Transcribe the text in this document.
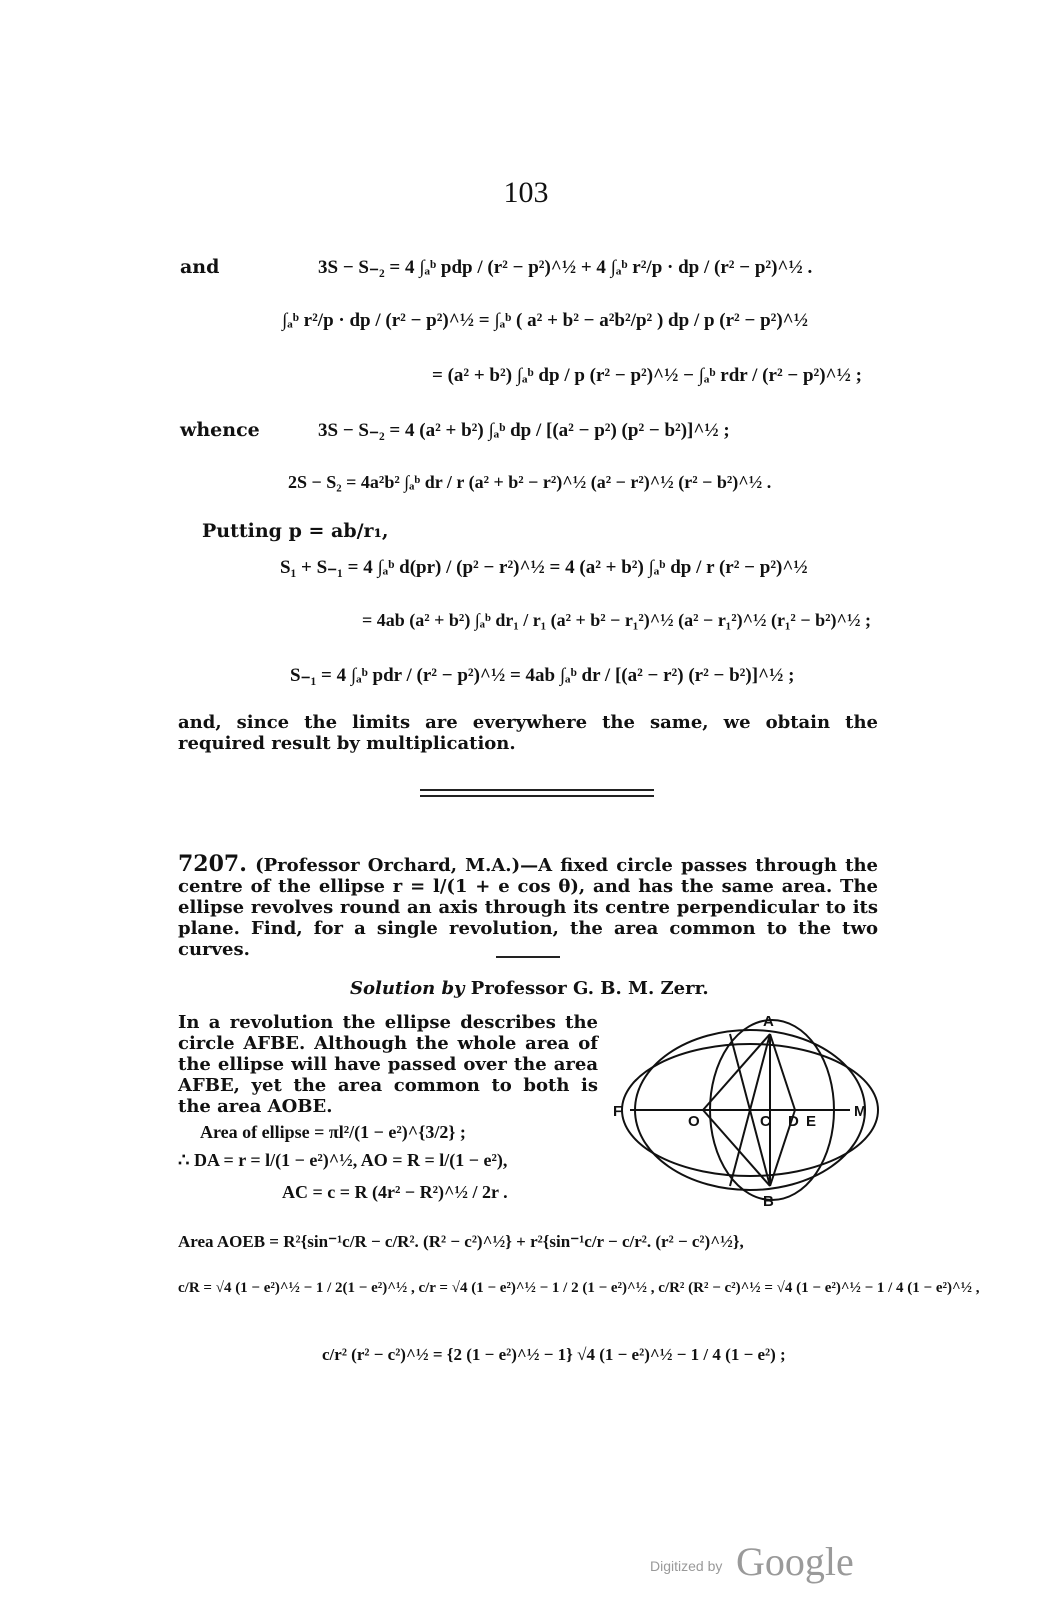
103
and	3S − S₋₂ = 4 ∫ₐᵇ pdp / (r² − p²)^½ + 4 ∫ₐᵇ r²/p · dp / (r² − p²)^½ .
∫ₐᵇ r²/p · dp / (r² − p²)^½ = ∫ₐᵇ ( a² + b² − a²b²/p² ) dp / p (r² − p²)^½
= (a² + b²) ∫ₐᵇ dp / p (r² − p²)^½ − ∫ₐᵇ rdr / (r² − p²)^½ ;
whence	3S − S₋₂ = 4 (a² + b²) ∫ₐᵇ dp / [(a² − p²) (p² − b²)]^½ ;
2S − S₂ = 4a²b² ∫ₐᵇ dr / r (a² + b² − r²)^½ (a² − r²)^½ (r² − b²)^½ .
Putting p = ab/r₁,
S₁ + S₋₁ = 4 ∫ₐᵇ d(pr) / (p² − r²)^½ = 4 (a² + b²) ∫ₐᵇ dp / r (r² − p²)^½
= 4ab (a² + b²) ∫ₐᵇ dr₁ / r₁ (a² + b² − r₁²)^½ (a² − r₁²)^½ (r₁² − b²)^½ ;
S₋₁ = 4 ∫ₐᵇ pdr / (r² − p²)^½ = 4ab ∫ₐᵇ dr / [(a² − r²) (r² − b²)]^½ ;
and, since the limits are everywhere the same, we obtain the required result by multiplication.
7207. (Professor Orchard, M.A.)—A fixed circle passes through the centre of the ellipse r = l/(1 + e cos θ), and has the same area. The ellipse revolves round an axis through its centre perpendicular to its plane. Find, for a single revolution, the area common to the two curves.
Solution by Professor G. B. M. Zerr.
In a revolution the ellipse describes the circle AFBE. Although the whole area of the ellipse will have passed over the area AFBE, yet the area common to both is the area AOBE.
Area of ellipse = πl²/(1 − e²)^{3/2} ;
∴ DA = r = l/(1 − e²)^½, AO = R = l/(1 − e²),
AC = c = R (4r² − R²)^½ / 2r .
Area AOEB = R²{sin⁻¹c/R − c/R². (R² − c²)^½} + r²{sin⁻¹c/r − c/r². (r² − c²)^½},
c/R = √4 (1 − e²)^½ − 1 / 2(1 − e²)^½ , c/r = √4 (1 − e²)^½ − 1 / 2 (1 − e²)^½ , c/R² (R² − c²)^½ = √4 (1 − e²)^½ − 1 / 4 (1 − e²)^½ ,
c/r² (r² − c²)^½ = {2 (1 − e²)^½ − 1} √4 (1 − e²)^½ − 1 / 4 (1 − e²) ;
A
F
O	C D E
M
B
Digitized by Google
